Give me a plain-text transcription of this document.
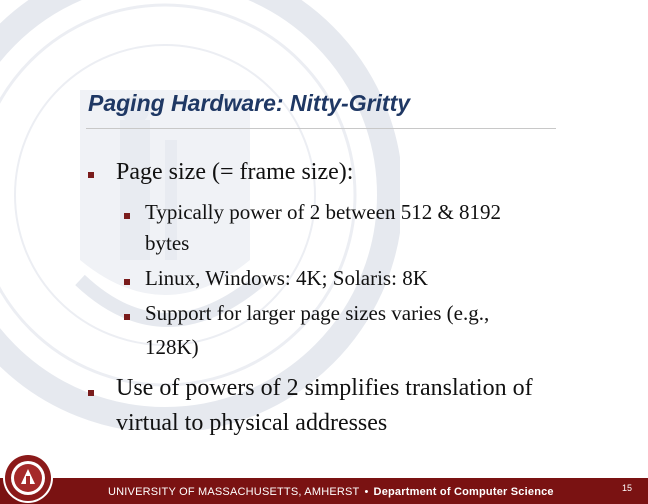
Paging Hardware: Nitty-Gritty
Page size (= frame size):
Typically power of 2 between 512 & 8192
bytes
Linux, Windows: 4K; Solaris: 8K
Support for larger page sizes varies (e.g.,
128K)
Use of powers of 2 simplifies translation of
virtual to physical addresses
UNIVERSITY OF MASSACHUSETTS, AMHERST • Department of Computer Science	15
